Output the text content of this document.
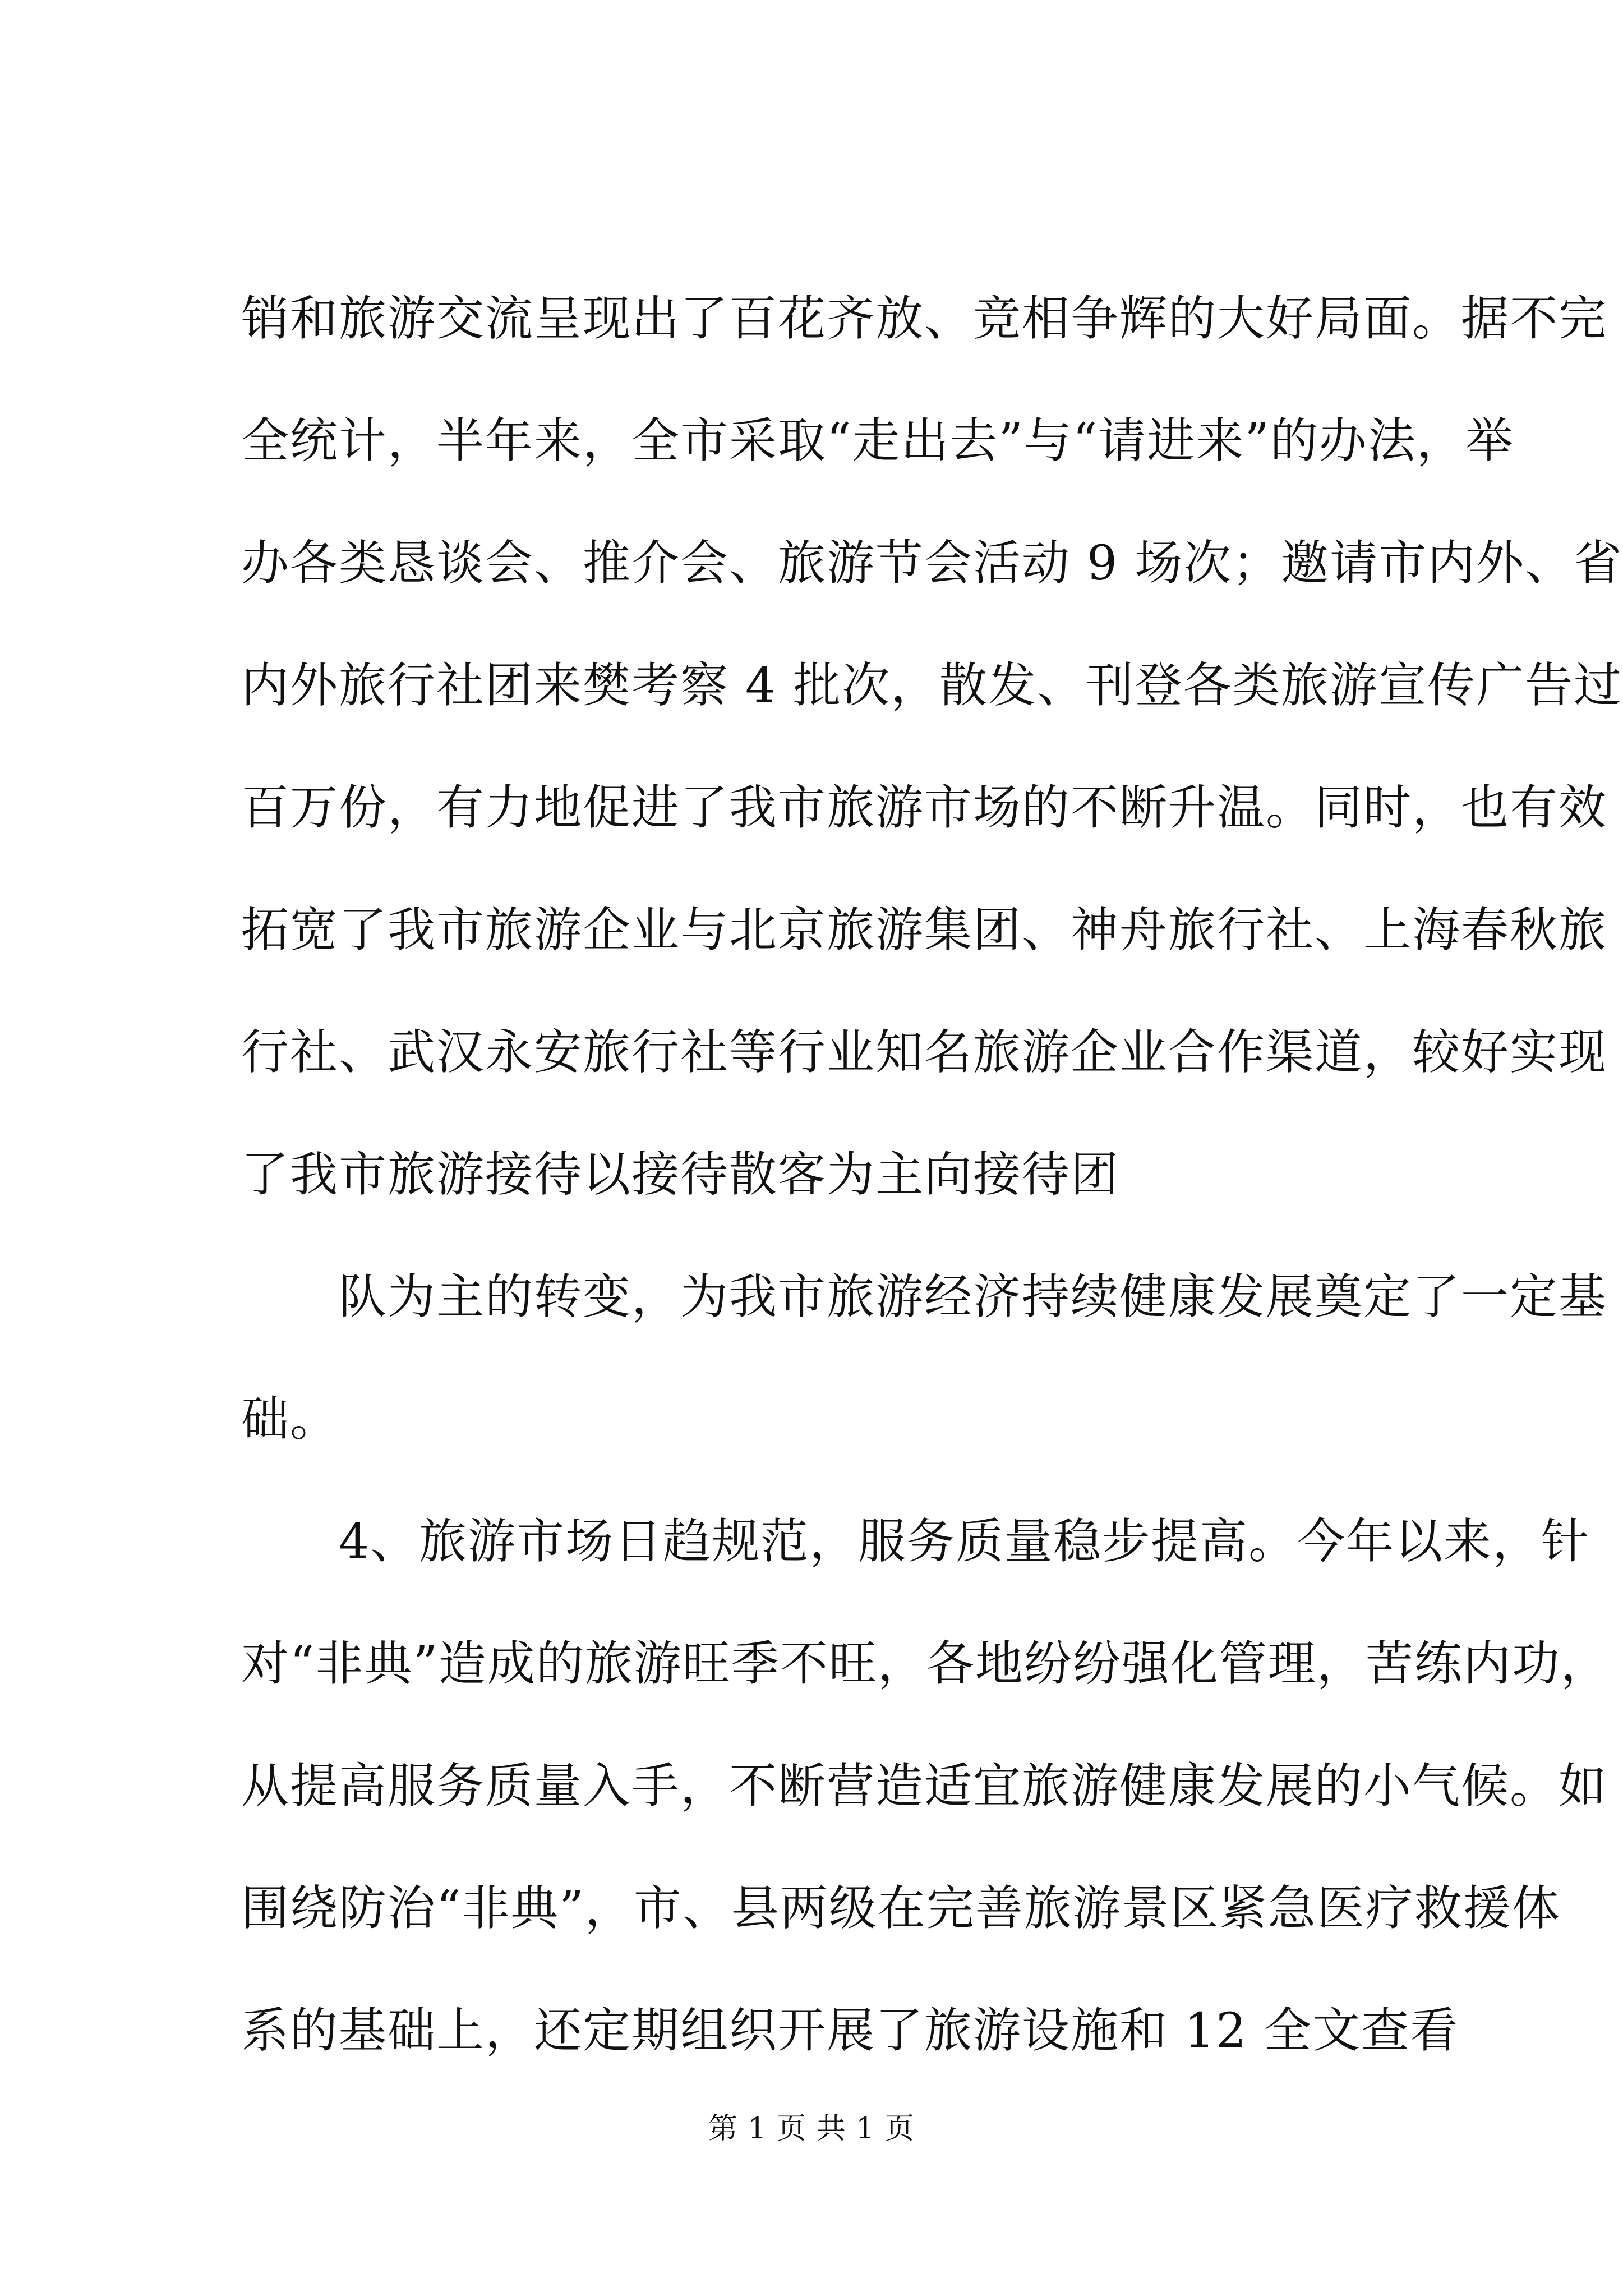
销和旅游交流呈现出了百花齐放、竞相争辉的大好局面。据不完
全统计，半年来，全市采取“走出去”与“请进来”的办法，举
办各类恳谈会、推介会、旅游节会活动 9 场次；邀请市内外、省
内外旅行社团来樊考察 4 批次，散发、刊登各类旅游宣传广告过
百万份，有力地促进了我市旅游市场的不断升温。同时，也有效
拓宽了我市旅游企业与北京旅游集团、神舟旅行社、上海春秋旅
行社、武汉永安旅行社等行业知名旅游企业合作渠道，较好实现
了我市旅游接待以接待散客为主向接待团
　　队为主的转变，为我市旅游经济持续健康发展奠定了一定基
础。
　　4、旅游市场日趋规范，服务质量稳步提高。今年以来，针
对“非典”造成的旅游旺季不旺，各地纷纷强化管理，苦练内功，
从提高服务质量入手，不断营造适宜旅游健康发展的小气候。如
围绕防治“非典”，市、县两级在完善旅游景区紧急医疗救援体
系的基础上，还定期组织开展了旅游设施和 12 全文查看
第 1 页 共 1 页
